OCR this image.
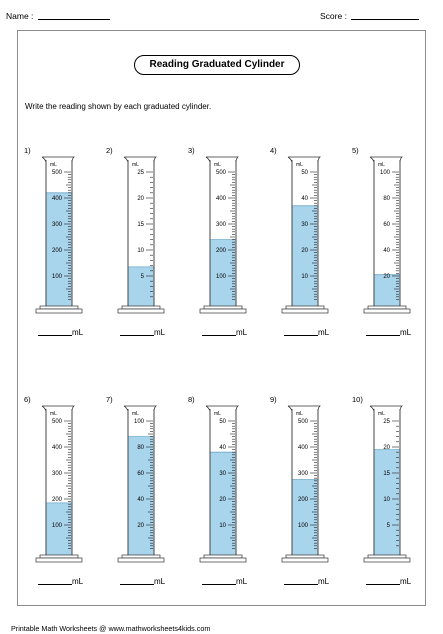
Name :	Score :
Reading Graduated Cylinder
Write the reading shown by each graduated cylinder.
1)
mL
100
200
300
400
500
mL
2)
mL
5
10
15
20
25
mL
3)
mL
100
200
300
400
500
mL
4)
mL
10
20
30
40
50
mL
5)
mL
20
40
60
80
100
mL
6)
mL
100
200
300
400
500
mL
7)
mL
20
40
60
80
100
mL
8)
mL
10
20
30
40
50
mL
9)
mL
100
200
300
400
500
mL
10)
mL
5
10
15
20
25
mL
Printable Math Worksheets @ www.mathworksheets4kids.com
